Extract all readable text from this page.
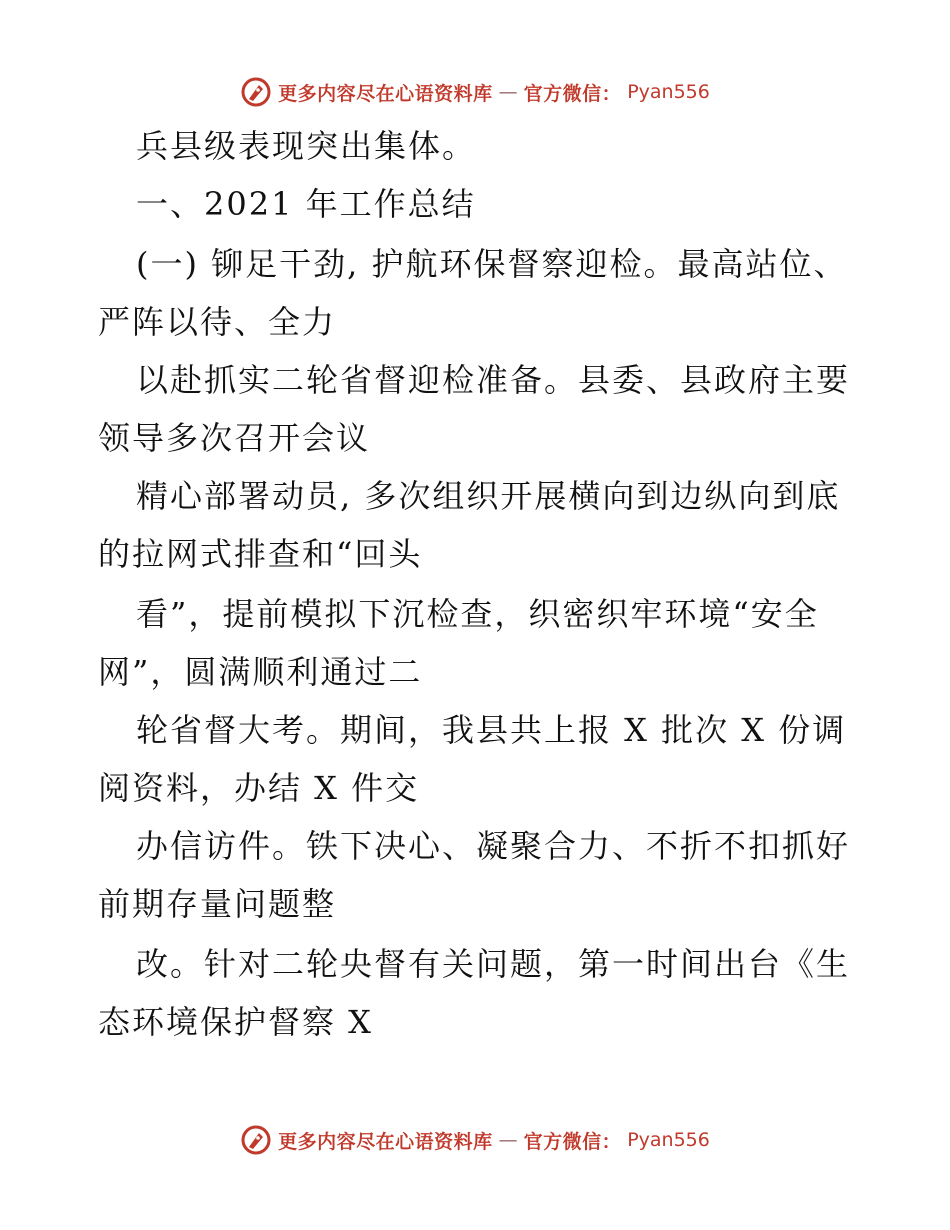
更多内容尽在心语资料库 — 官方微信： Pyan556
兵县级表现突出集体。
一、2021 年工作总结
(一) 铆足干劲, 护航环保督察迎检。最高站位、
严阵以待、全力
以赴抓实二轮省督迎检准备。县委、县政府主要
领导多次召开会议
精心部署动员, 多次组织开展横向到边纵向到底
的拉网式排查和“回头
看”，提前模拟下沉检查，织密织牢环境“安全
网”，圆满顺利通过二
轮省督大考。期间，我县共上报 X 批次 X 份调
阅资料，办结 X 件交
办信访件。铁下决心、凝聚合力、不折不扣抓好
前期存量问题整
改。针对二轮央督有关问题，第一时间出台《生
态环境保护督察 X
更多内容尽在心语资料库 — 官方微信： Pyan556
